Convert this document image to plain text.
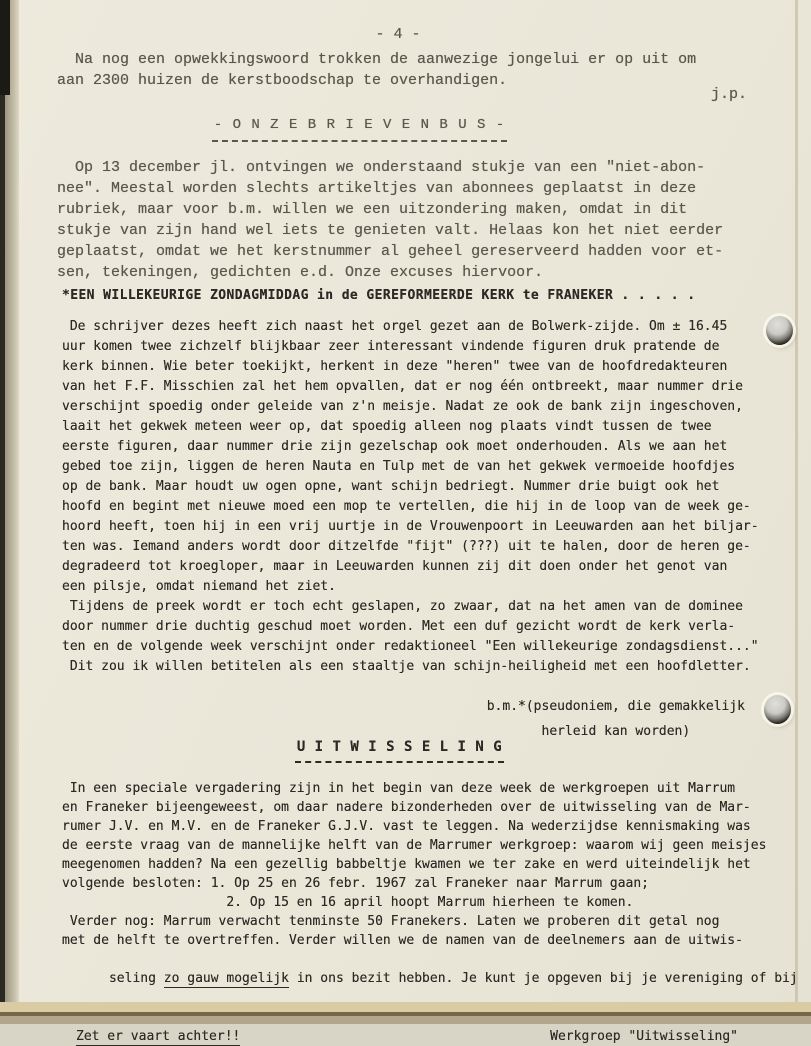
- 4 -
Na nog een opwekkingswoord trokken de aanwezige jongelui er op uit om
aan 2300 huizen de kerstboodschap te overhandigen.
j.p.
- O N Z E B R I E V E N B U S -
Op 13 december jl. ontvingen we onderstaand stukje van een "niet-abon-
nee". Meestal worden slechts artikeltjes van abonnees geplaatst in deze
rubriek, maar voor b.m. willen we een uitzondering maken, omdat in dit
stukje van zijn hand wel iets te genieten valt. Helaas kon het niet eerder
geplaatst, omdat we het kerstnummer al geheel gereserveerd hadden voor et-
sen, tekeningen, gedichten e.d. Onze excuses hiervoor.
*EEN WILLEKEURIGE ZONDAGMIDDAG in de GEREFORMEERDE KERK te FRANEKER . . . . .
De schrijver dezes heeft zich naast het orgel gezet aan de Bolwerk-zijde. Om ± 16.45
uur komen twee zichzelf blijkbaar zeer interessant vindende figuren druk pratende de
kerk binnen. Wie beter toekijkt, herkent in deze "heren" twee van de hoofdredakteuren
van het F.F. Misschien zal het hem opvallen, dat er nog één ontbreekt, maar nummer drie
verschijnt spoedig onder geleide van z'n meisje. Nadat ze ook de bank zijn ingeschoven,
laait het gekwek meteen weer op, dat spoedig alleen nog plaats vindt tussen de twee
eerste figuren, daar nummer drie zijn gezelschap ook moet onderhouden. Als we aan het
gebed toe zijn, liggen de heren Nauta en Tulp met de van het gekwek vermoeide hoofdjes
op de bank. Maar houdt uw ogen opne, want schijn bedriegt. Nummer drie buigt ook het
hoofd en begint met nieuwe moed een mop te vertellen, die hij in de loop van de week ge-
hoord heeft, toen hij in een vrij uurtje in de Vrouwenpoort in Leeuwarden aan het biljar-
ten was. Iemand anders wordt door ditzelfde "fijt" (???) uit te halen, door de heren ge-
degradeerd tot kroegloper, maar in Leeuwarden kunnen zij dit doen onder het genot van
een pilsje, omdat niemand het ziet.
Tijdens de preek wordt er toch echt geslapen, zo zwaar, dat na het amen van de dominee
door nummer drie duchtig geschud moet worden. Met een duf gezicht wordt de kerk verla-
ten en de volgende week verschijnt onder redaktioneel "Een willekeurige zondagsdienst..."
Dit zou ik willen betitelen als een staaltje van schijn-heiligheid met een hoofdletter.
b.m.*(pseudoniem, die gemakkelijk
herleid kan worden)
U I T W I S S E L I N G
In een speciale vergadering zijn in het begin van deze week de werkgroepen uit Marrum
en Franeker bijeengeweest, om daar nadere bizonderheden over de uitwisseling van de Mar-
rumer J.V. en M.V. en de Franeker G.J.V. vast te leggen. Na wederzijdse kennismaking was
de eerste vraag van de mannelijke helft van de Marrumer werkgroep: waarom wij geen meisjes
meegenomen hadden? Na een gezellig babbeltje kwamen we ter zake en werd uiteindelijk het
volgende besloten: 1. Op 25 en 26 febr. 1967 zal Franeker naar Marrum gaan;
2. Op 15 en 16 april hoopt Marrum hierheen te komen.
Verder nog: Marrum verwacht tenminste 50 Franekers. Laten we proberen dit getal nog
met de helft te overtreffen. Verder willen we de namen van de deelnemers aan de uitwis-

seling zo gauw mogelijk in ons bezit hebben. Je kunt je opgeven bij je vereniging of bij

Zet er vaart achter!!	Werkgroep "Uitwisseling"
